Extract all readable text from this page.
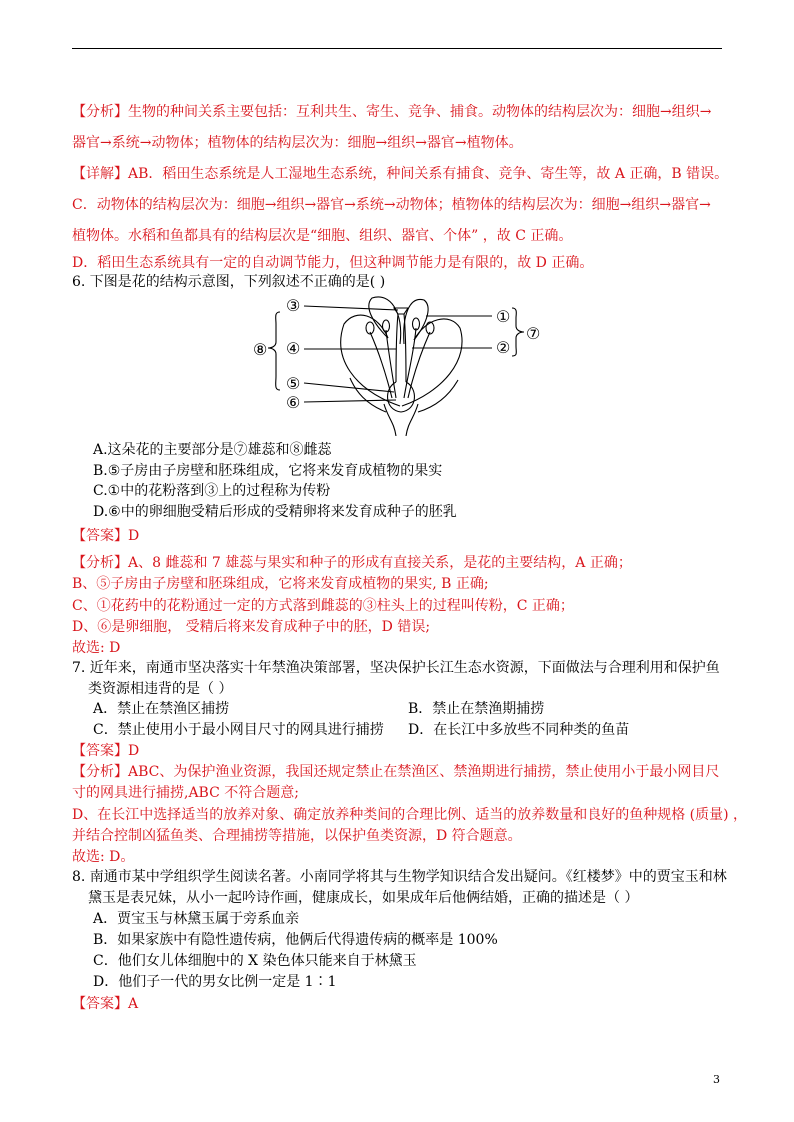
【分析】生物的种间关系主要包括：互利共生、寄生、竞争、捕食。动物体的结构层次为：细胞→组织→
器官→系统→动物体；植物体的结构层次为：细胞→组织→器官→植物体。
【详解】AB．稻田生态系统是人工湿地生态系统，种间关系有捕食、竞争、寄生等，故 A 正确，B 错误。
C．动物体的结构层次为：细胞→组织→器官→系统→动物体；植物体的结构层次为：细胞→组织→器官→
植物体。水稻和鱼都具有的结构层次是“细胞、组织、器官、个体” ，故 C 正确。
D．稻田生态系统具有一定的自动调节能力，但这种调节能力是有限的，故 D 正确。
6. 下图是花的结构示意图，下列叙述不正确的是( )
③
⑧ ④
⑤
⑥
①
②
⑦
A.这朵花的主要部分是⑦雄蕊和⑧雌蕊
B.⑤子房由子房壁和胚珠组成，它将来发育成植物的果实
C.①中的花粉落到③上的过程称为传粉
D.⑥中的卵细胞受精后形成的受精卵将来发育成种子的胚乳
【答案】D
【分析】A、8 雌蕊和 7 雄蕊与果实和种子的形成有直接关系，是花的主要结构，A 正确；
B、⑤子房由子房壁和胚珠组成，它将来发育成植物的果实, B 正确;
C、①花药中的花粉通过一定的方式落到雌蕊的③柱头上的过程叫传粉，C 正确；
D、⑥是卵细胞， 受精后将来发育成种子中的胚，D 错误;
故选: D
7. 近年来，南通市坚决落实十年禁渔决策部署，坚决保护长江生态水资源，下面做法与合理利用和保护鱼
类资源相违背的是（ ）
A．禁止在禁渔区捕捞	B．禁止在禁渔期捕捞
C．禁止使用小于最小网目尺寸的网具进行捕捞 D．在长江中多放些不同种类的鱼苗
【答案】D
【分析】ABC、为保护渔业资源，我国还规定禁止在禁渔区、禁渔期进行捕捞，禁止使用小于最小网目尺
寸的网具进行捕捞,ABC 不符合题意;
D、在长江中选择适当的放养对象、确定放养种类间的合理比例、适当的放养数量和良好的鱼种规格 (质量) ，
并结合控制凶猛鱼类、合理捕捞等措施，以保护鱼类资源，D 符合题意。
故选: D。
8. 南通市某中学组织学生阅读名著。小南同学将其与生物学知识结合发出疑问。《红楼梦》中的贾宝玉和林
黛玉是表兄妹，从小一起吟诗作画，健康成长，如果成年后他俩结婚，正确的描述是（ ）
A．贾宝玉与林黛玉属于旁系血亲
B．如果家族中有隐性遗传病，他俩后代得遗传病的概率是 100%
C．他们女儿体细胞中的 X 染色体只能来自于林黛玉
D．他们子一代的男女比例一定是 1∶1
【答案】A
3
